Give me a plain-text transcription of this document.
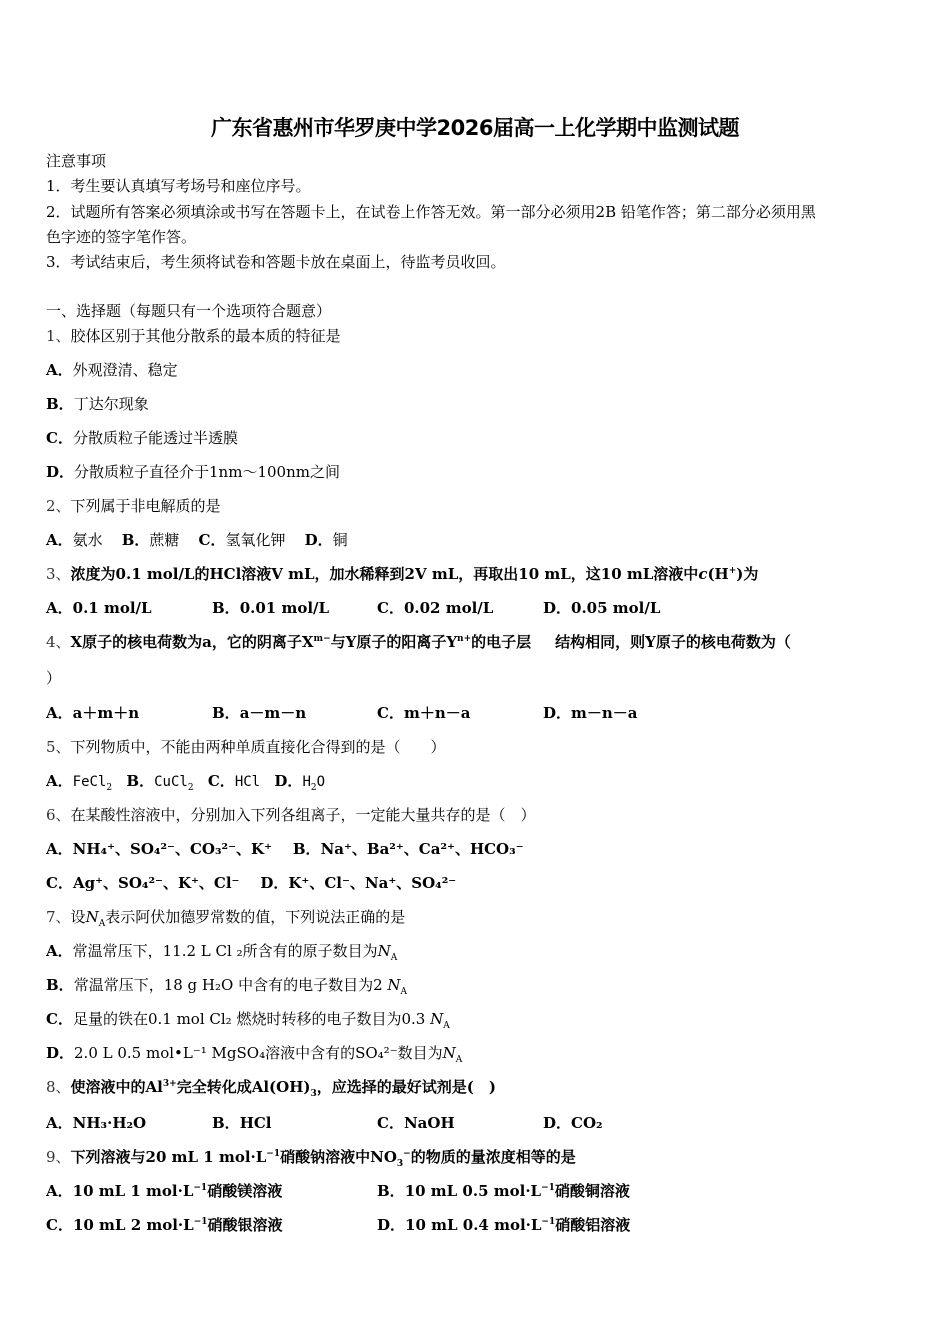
广东省惠州市华罗庚中学2026届高一上化学期中监测试题
注意事项
1．考生要认真填写考场号和座位序号。
2．试题所有答案必须填涂或书写在答题卡上，在试卷上作答无效。第一部分必须用2B 铅笔作答；第二部分必须用黑
色字迹的签字笔作答。
3．考试结束后，考生须将试卷和答题卡放在桌面上，待监考员收回。
一、选择题（每题只有一个选项符合题意）
1、胶体区别于其他分散系的最本质的特征是
A．外观澄清、稳定
B．丁达尔现象
C．分散质粒子能透过半透膜
D．分散质粒子直径介于1nm～100nm之间
2、下列属于非电解质的是
A．氨水 B．蔗糖 C．氢氧化钾 D．铜
3、浓度为0.1 mol/L的HCl溶液V mL，加水稀释到2V mL，再取出10 mL，这10 mL溶液中c(H+)为
A．0.1 mol/L	B．0.01 mol/L	C．0.02 mol/L	D．0.05 mol/L
4、X原子的核电荷数为a，它的阴离子$X^{m-}$与Y原子的阳离子$Y^{n+}$的电子层 结构相同，则Y原子的核电荷数为（
）
A．a＋m＋n	B．a－m－n	C．m＋n－a	D．m－n－a
5、下列物质中，不能由两种单质直接化合得到的是（　　）
A．FeCl$_2$ B．CuCl$_2$ C．HCl D．$H_2O$
6、在某酸性溶液中，分别加入下列各组离子，一定能大量共存的是（　）
A．NH₄⁺、SO₄²⁻、CO₃²⁻、K⁺ B．Na⁺、Ba²⁺、Ca²⁺、HCO₃⁻
C．Ag⁺、SO₄²⁻、K⁺、Cl⁻ D．K⁺、Cl⁻、Na⁺、SO₄²⁻
7、设$N_A$表示阿伏加德罗常数的值，下列说法正确的是
A．常温常压下，11.2 L Cl ₂所含有的原子数目为$N_A$
B．常温常压下，18 g H₂O 中含有的电子数目为2 $N_A$
C．足量的铁在0.1 mol Cl₂ 燃烧时转移的电子数目为0.3 $N_A$
D．2.0 L 0.5 mol•L⁻¹ MgSO₄溶液中含有的SO₄²⁻数目为$N_A$
8、使溶液中的$Al^{3+}$完全转化成$Al(OH)_3$，应选择的最好试剂是(　)
A．NH₃·H₂O	B．HCl	C．NaOH	D．CO₂
9、下列溶液与20 mL 1 $mol\cdot L^{-1}$硝酸钠溶液中$NO_3^-$的物质的量浓度相等的是
A．10 mL 1 $mol\cdot L^{-1}$硝酸镁溶液	B．10 mL 0.5 $mol\cdot L^{-1}$硝酸铜溶液
C．10 mL 2 $mol\cdot L^{-1}$硝酸银溶液	D．10 mL 0.4 $mol\cdot L^{-1}$硝酸铝溶液
